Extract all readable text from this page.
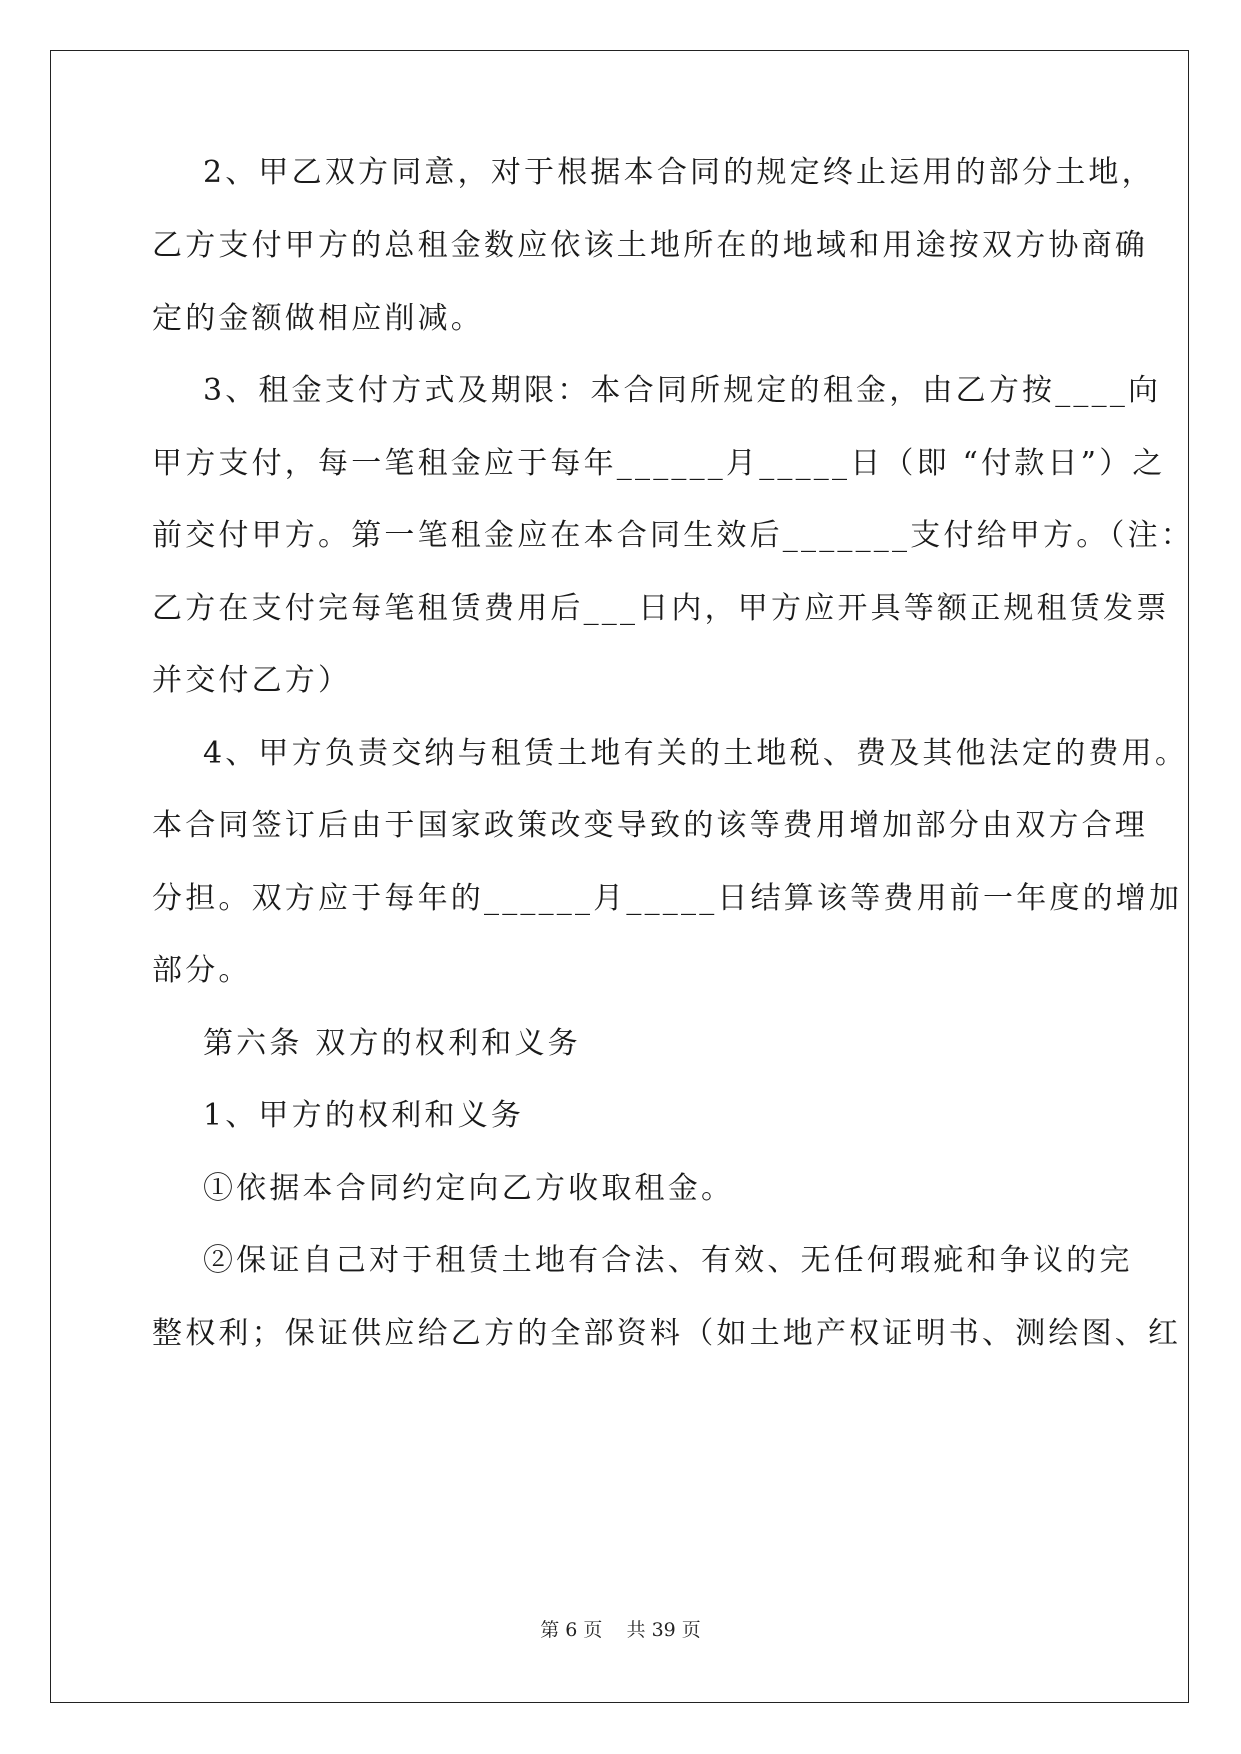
2、甲乙双方同意，对于根据本合同的规定终止运用的部分土地，
乙方支付甲方的总租金数应依该土地所在的地域和用途按双方协商确
定的金额做相应削减。
3、租金支付方式及期限：本合同所规定的租金，由乙方按____向
甲方支付，每一笔租金应于每年______月_____日（即 “付款日”）之
前交付甲方。第一笔租金应在本合同生效后_______支付给甲方。（注：
乙方在支付完每笔租赁费用后___日内，甲方应开具等额正规租赁发票
并交付乙方）
4、甲方负责交纳与租赁土地有关的土地税、费及其他法定的费用。
本合同签订后由于国家政策改变导致的该等费用增加部分由双方合理
分担。双方应于每年的______月_____日结算该等费用前一年度的增加
部分。
第六条 双方的权利和义务
1、甲方的权利和义务
①依据本合同约定向乙方收取租金。
②保证自己对于租赁土地有合法、有效、无任何瑕疵和争议的完
整权利；保证供应给乙方的全部资料（如土地产权证明书、测绘图、红
第 6 页 共 39 页
